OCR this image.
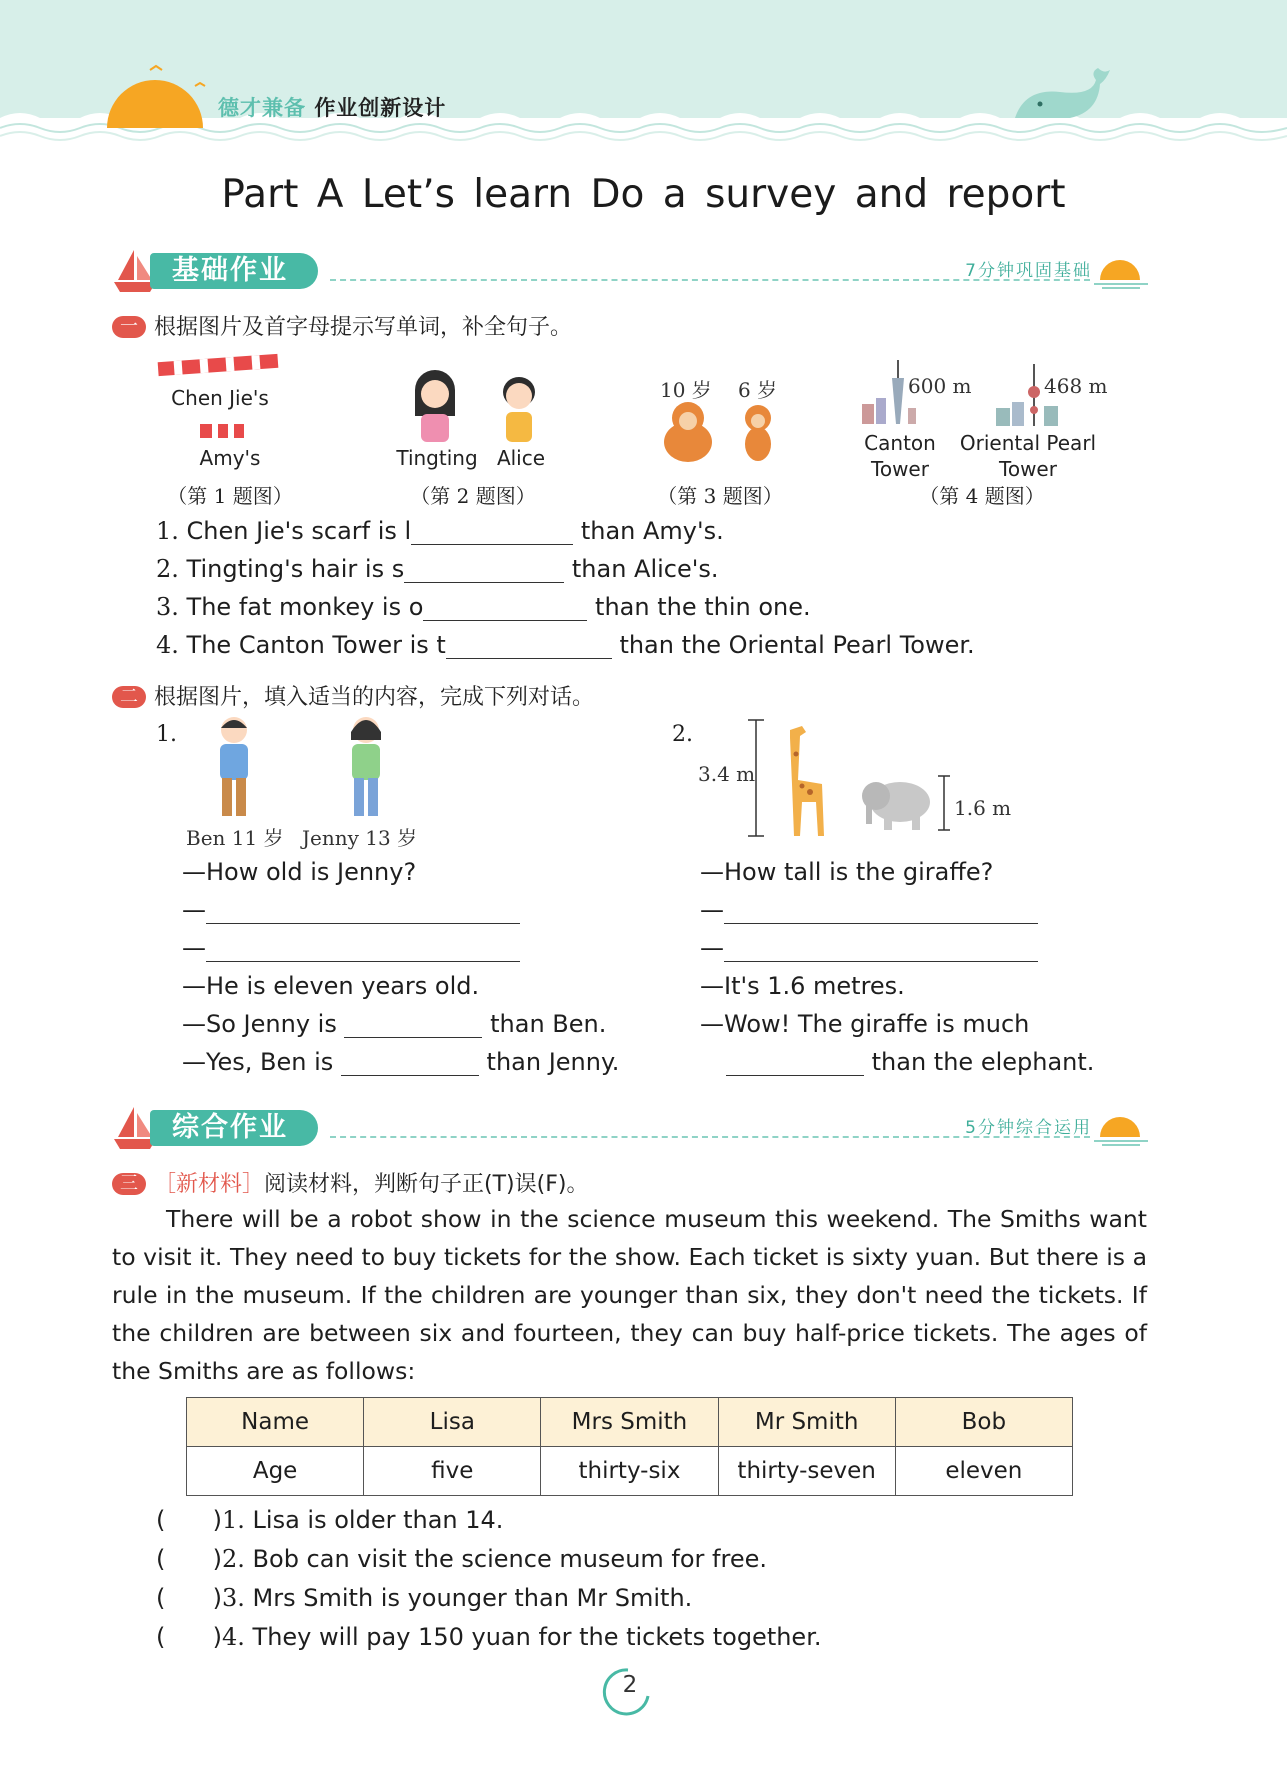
德才兼备 作业创新设计
Part A Let’s learn Do a survey and report
基础作业	7分钟巩固基础
一 根据图片及首字母提示写单词，补全句子。
Chen Jie's
Amy's
（第 1 题图）
Tingting Alice
（第 2 题图）
10 岁 6 岁
（第 3 题图）
600 m	468 m
Canton
Tower
Oriental Pearl
Tower
（第 4 题图）
1. Chen Jie's scarf is l	than Amy's.
2. Tingting's hair is s	than Alice's.
3. The fat monkey is o	than the thin one.
4. The Canton Tower is t	than the Oriental Pearl Tower.
二 根据图片，填入适当的内容，完成下列对话。
1.
Ben 11 岁 Jenny 13 岁
—How old is Jenny?
—
—
—He is eleven years old.
—So Jenny is	than Ben.
—Yes, Ben is	than Jenny.
2.
3.4 m
1.6 m
—How tall is the giraffe?
—
—
—It's 1.6 metres.
—Wow! The giraffe is much
than the elephant.
综合作业	5分钟综合运用
三 ［新材料］阅读材料，判断句子正(T)误(F)。
There will be a robot show in the science museum this weekend. The Smiths want to visit it. They need to buy tickets for the show. Each ticket is sixty yuan. But there is a rule in the museum. If the children are younger than six, they don't need the tickets. If the children are between six and fourteen, they can buy half-price tickets. The ages of the Smiths are as follows:
Name	Lisa	Mrs Smith	Mr Smith	Bob
Age	five	thirty-six	thirty-seven	eleven
( ) 1. Lisa is older than 14.
( ) 2. Bob can visit the science museum for free.
( ) 3. Mrs Smith is younger than Mr Smith.
( ) 4. They will pay 150 yuan for the tickets together.
2
